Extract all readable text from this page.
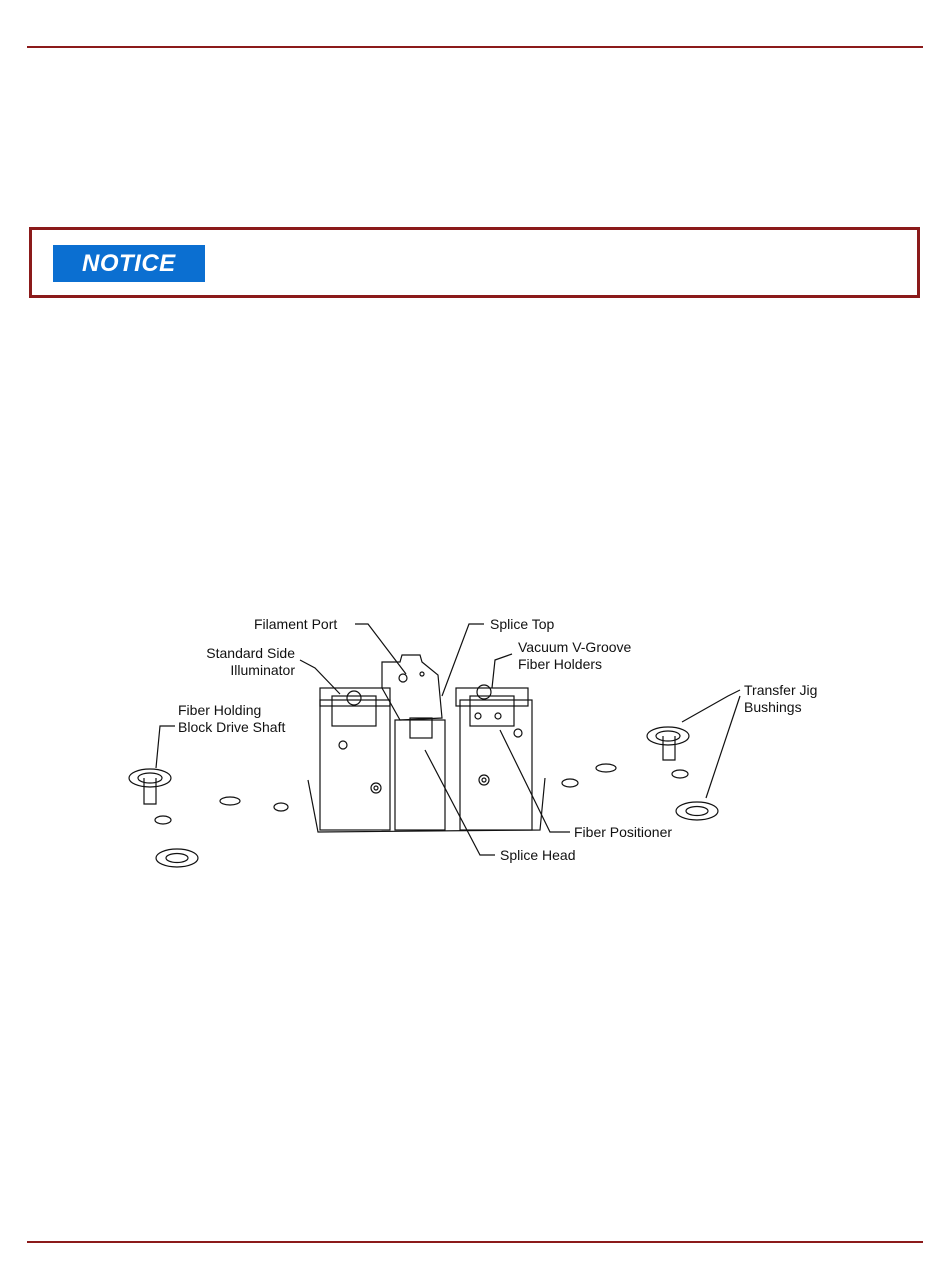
NOTICE
Filament Port	Splice Top
Standard Side
Illuminator
Vacuum V-Groove
Fiber Holders
Transfer Jig
Bushings
Fiber Holding
Block Drive Shaft
Fiber Positioner
Splice Head
